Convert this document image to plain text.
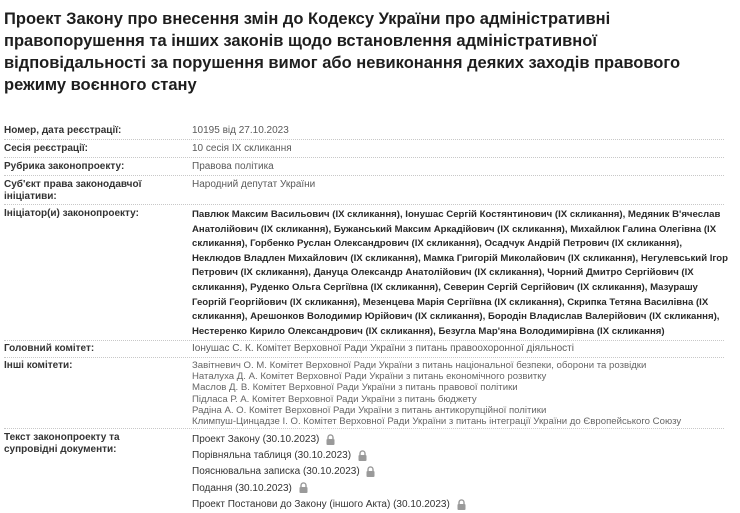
Проект Закону про внесення змін до Кодексу України про адміністративні правопорушення та інших законів щодо встановлення адміністративної відповідальності за порушення вимог або невиконання деяких заходів правового режиму воєнного стану
Номер, дата реєстрації:	10195 від 27.10.2023
Сесія реєстрації:	10 сесія IX скликання
Рубрика законопроекту:	Правова політика
Суб'єкт права законодавчої ініціативи:
Народний депутат України
Ініціатор(и) законопроекту:	Павлюк Максим Васильович (IX скликання), Іонушас Сергій Костянтинович (IX скликання), Медяник В'ячеслав
Анатолійович (IX скликання), Бужанський Максим Аркадійович (IX скликання), Михайлюк Галина Олегівна (IX
скликання), Горбенко Руслан Олександрович (IX скликання), Осадчук Андрій Петрович (IX скликання),
Неклюдов Владлен Михайлович (IX скликання), Мамка Григорій Миколайович (IX скликання), Негулевський Ігор
Петрович (IX скликання), Дануца Олександр Анатолійович (IX скликання), Чорний Дмитро Сергійович (IX
скликання), Руденко Ольга Сергіївна (IX скликання), Северин Сергій Сергійович (IX скликання), Мазурашу
Георгій Георгійович (IX скликання), Мезенцева Марія Сергіївна (IX скликання), Скрипка Тетяна Василівна (IX
скликання), Арешонков Володимир Юрійович (IX скликання), Бородін Владислав Валерійович (IX скликання),
Нестеренко Кирило Олександрович (IX скликання), Безугла Мар'яна Володимирівна (IX скликання)
Головний комітет:	Іонушас С. К. Комітет Верховної Ради України з питань правоохоронної діяльності
Інші комітети:	Завітневич О. М. Комітет Верховної Ради України з питань національної безпеки, оборони та розвідки
Наталуха Д. А. Комітет Верховної Ради України з питань економічного розвитку
Маслов Д. В. Комітет Верховної Ради України з питань правової політики
Підласа Р. А. Комітет Верховної Ради України з питань бюджету
Радіна А. О. Комітет Верховної Ради України з питань антикорупційної політики
Климпуш-Цинцадзе І. О. Комітет Верховної Ради України з питань інтеграції України до Європейського Союзу
Текст законопроекту та супровідні документи:
Проект Закону (30.10.2023)
Порівняльна таблиця (30.10.2023)
Пояснювальна записка (30.10.2023)
Подання (30.10.2023)
Проект Постанови до Закону (іншого Акта) (30.10.2023)
